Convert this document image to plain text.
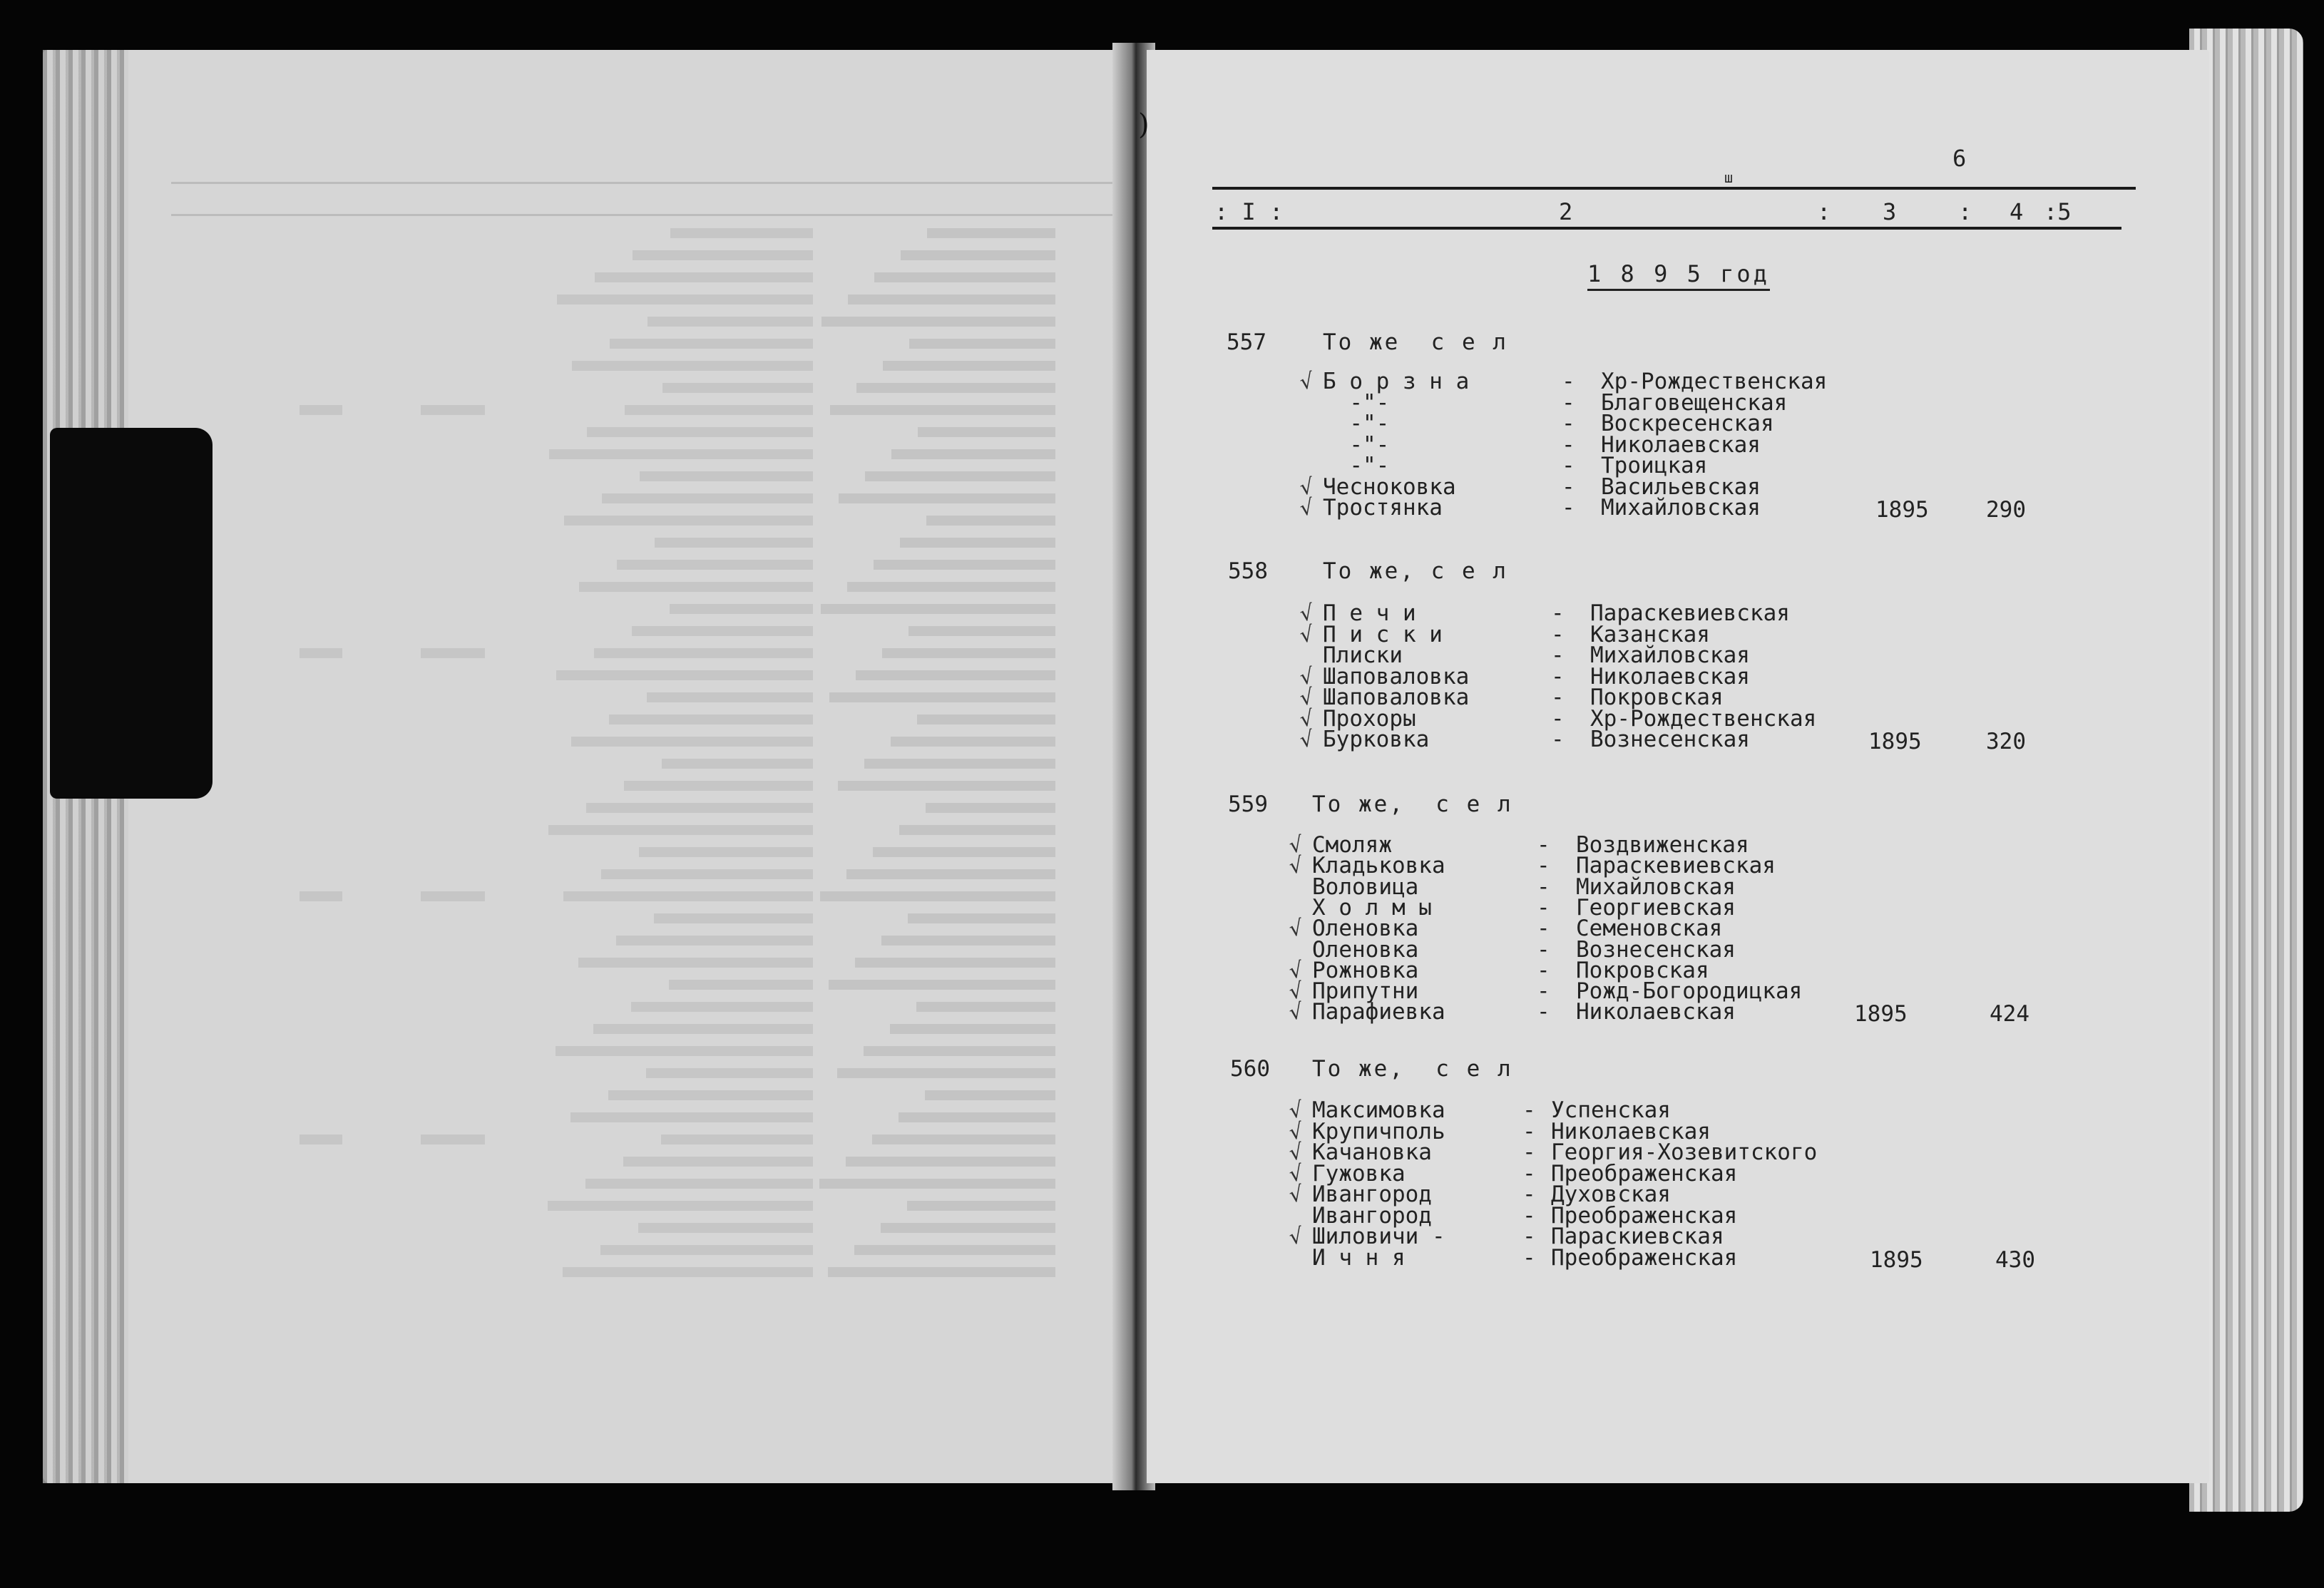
)
6
ш
: I :	2	: 3	: 4 :5
1 8 9 5 год
557	То же  с е л
√ Б о р з н а	- Хр-Рождественская
-"-	- Благовещенская
-"-	- Воскресенская
-"-	- Николаевская
-"-	- Троицкая
√ Чесноковка	- Васильевская
√ Тростянка	- Михайловская	1895	290
558 То же, с е л
√ П е ч и	- Параскевиевская
√ П и с к и	- Казанская
Плиски	- Михайловская
√ Шаповаловка	- Николаевская
√ Шаповаловка	- Покровская
√ Прохоры	- Хр-Рождественская
√ Бурковка	- Вознесенская	1895	320
559 То же,  с е л
√ Смоляж	- Воздвиженская
√ Кладьковка	- Параскевиевская
Воловица	- Михайловская
Х о л м ы	- Георгиевская
√ Оленовка	- Семеновская
Оленовка	- Вознесенская
√ Рожновка	- Покровская
√ Припутни	- Рожд-Богородицкая
√ Парафиевка	- Николаевская	1895	424
560 То же,  с е л
√ Максимовка	- Успенская
√ Крупичполь	- Николаевская
√ Качановка	- Георгия-Хозевитского
√ Гужовка	- Преображенская
√ Ивангород	- Духовская
Ивангород	- Преображенская
√ Шиловичи -	- Параскиевская
И ч н я	- Преображенская	1895	430
